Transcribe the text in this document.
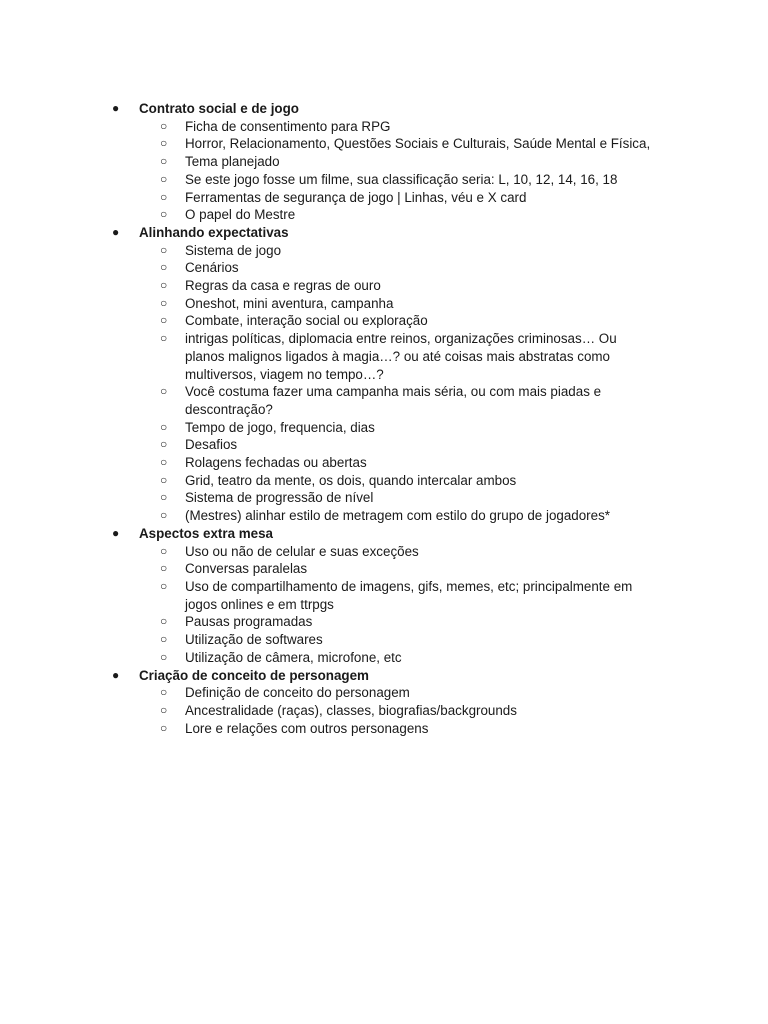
● Contrato social e de jogo
○ Ficha de consentimento para RPG
○ Horror, Relacionamento, Questões Sociais e Culturais, Saúde Mental e Física,
○ Tema planejado
○ Se este jogo fosse um filme, sua classificação seria: L, 10, 12, 14, 16, 18
○ Ferramentas de segurança de jogo | Linhas, véu e X card
○ O papel do Mestre
● Alinhando expectativas
○ Sistema de jogo
○ Cenários
○ Regras da casa e regras de ouro
○ Oneshot, mini aventura, campanha
○ Combate, interação social ou exploração
○ intrigas políticas, diplomacia entre reinos, organizações criminosas… Ou planos malignos ligados à magia…? ou até coisas mais abstratas como multiversos, viagem no tempo…?
○ Você costuma fazer uma campanha mais séria, ou com mais piadas e descontração?
○ Tempo de jogo, frequencia, dias
○ Desafios
○ Rolagens fechadas ou abertas
○ Grid, teatro da mente, os dois, quando intercalar ambos
○ Sistema de progressão de nível
○ (Mestres) alinhar estilo de metragem com estilo do grupo de jogadores*
● Aspectos extra mesa
○ Uso ou não de celular e suas exceções
○ Conversas paralelas
○ Uso de compartilhamento de imagens, gifs, memes, etc; principalmente em jogos onlines e em ttrpgs
○ Pausas programadas
○ Utilização de softwares
○ Utilização de câmera, microfone, etc
● Criação de conceito de personagem
○ Definição de conceito do personagem
○ Ancestralidade (raças), classes, biografias/backgrounds
○ Lore e relações com outros personagens
